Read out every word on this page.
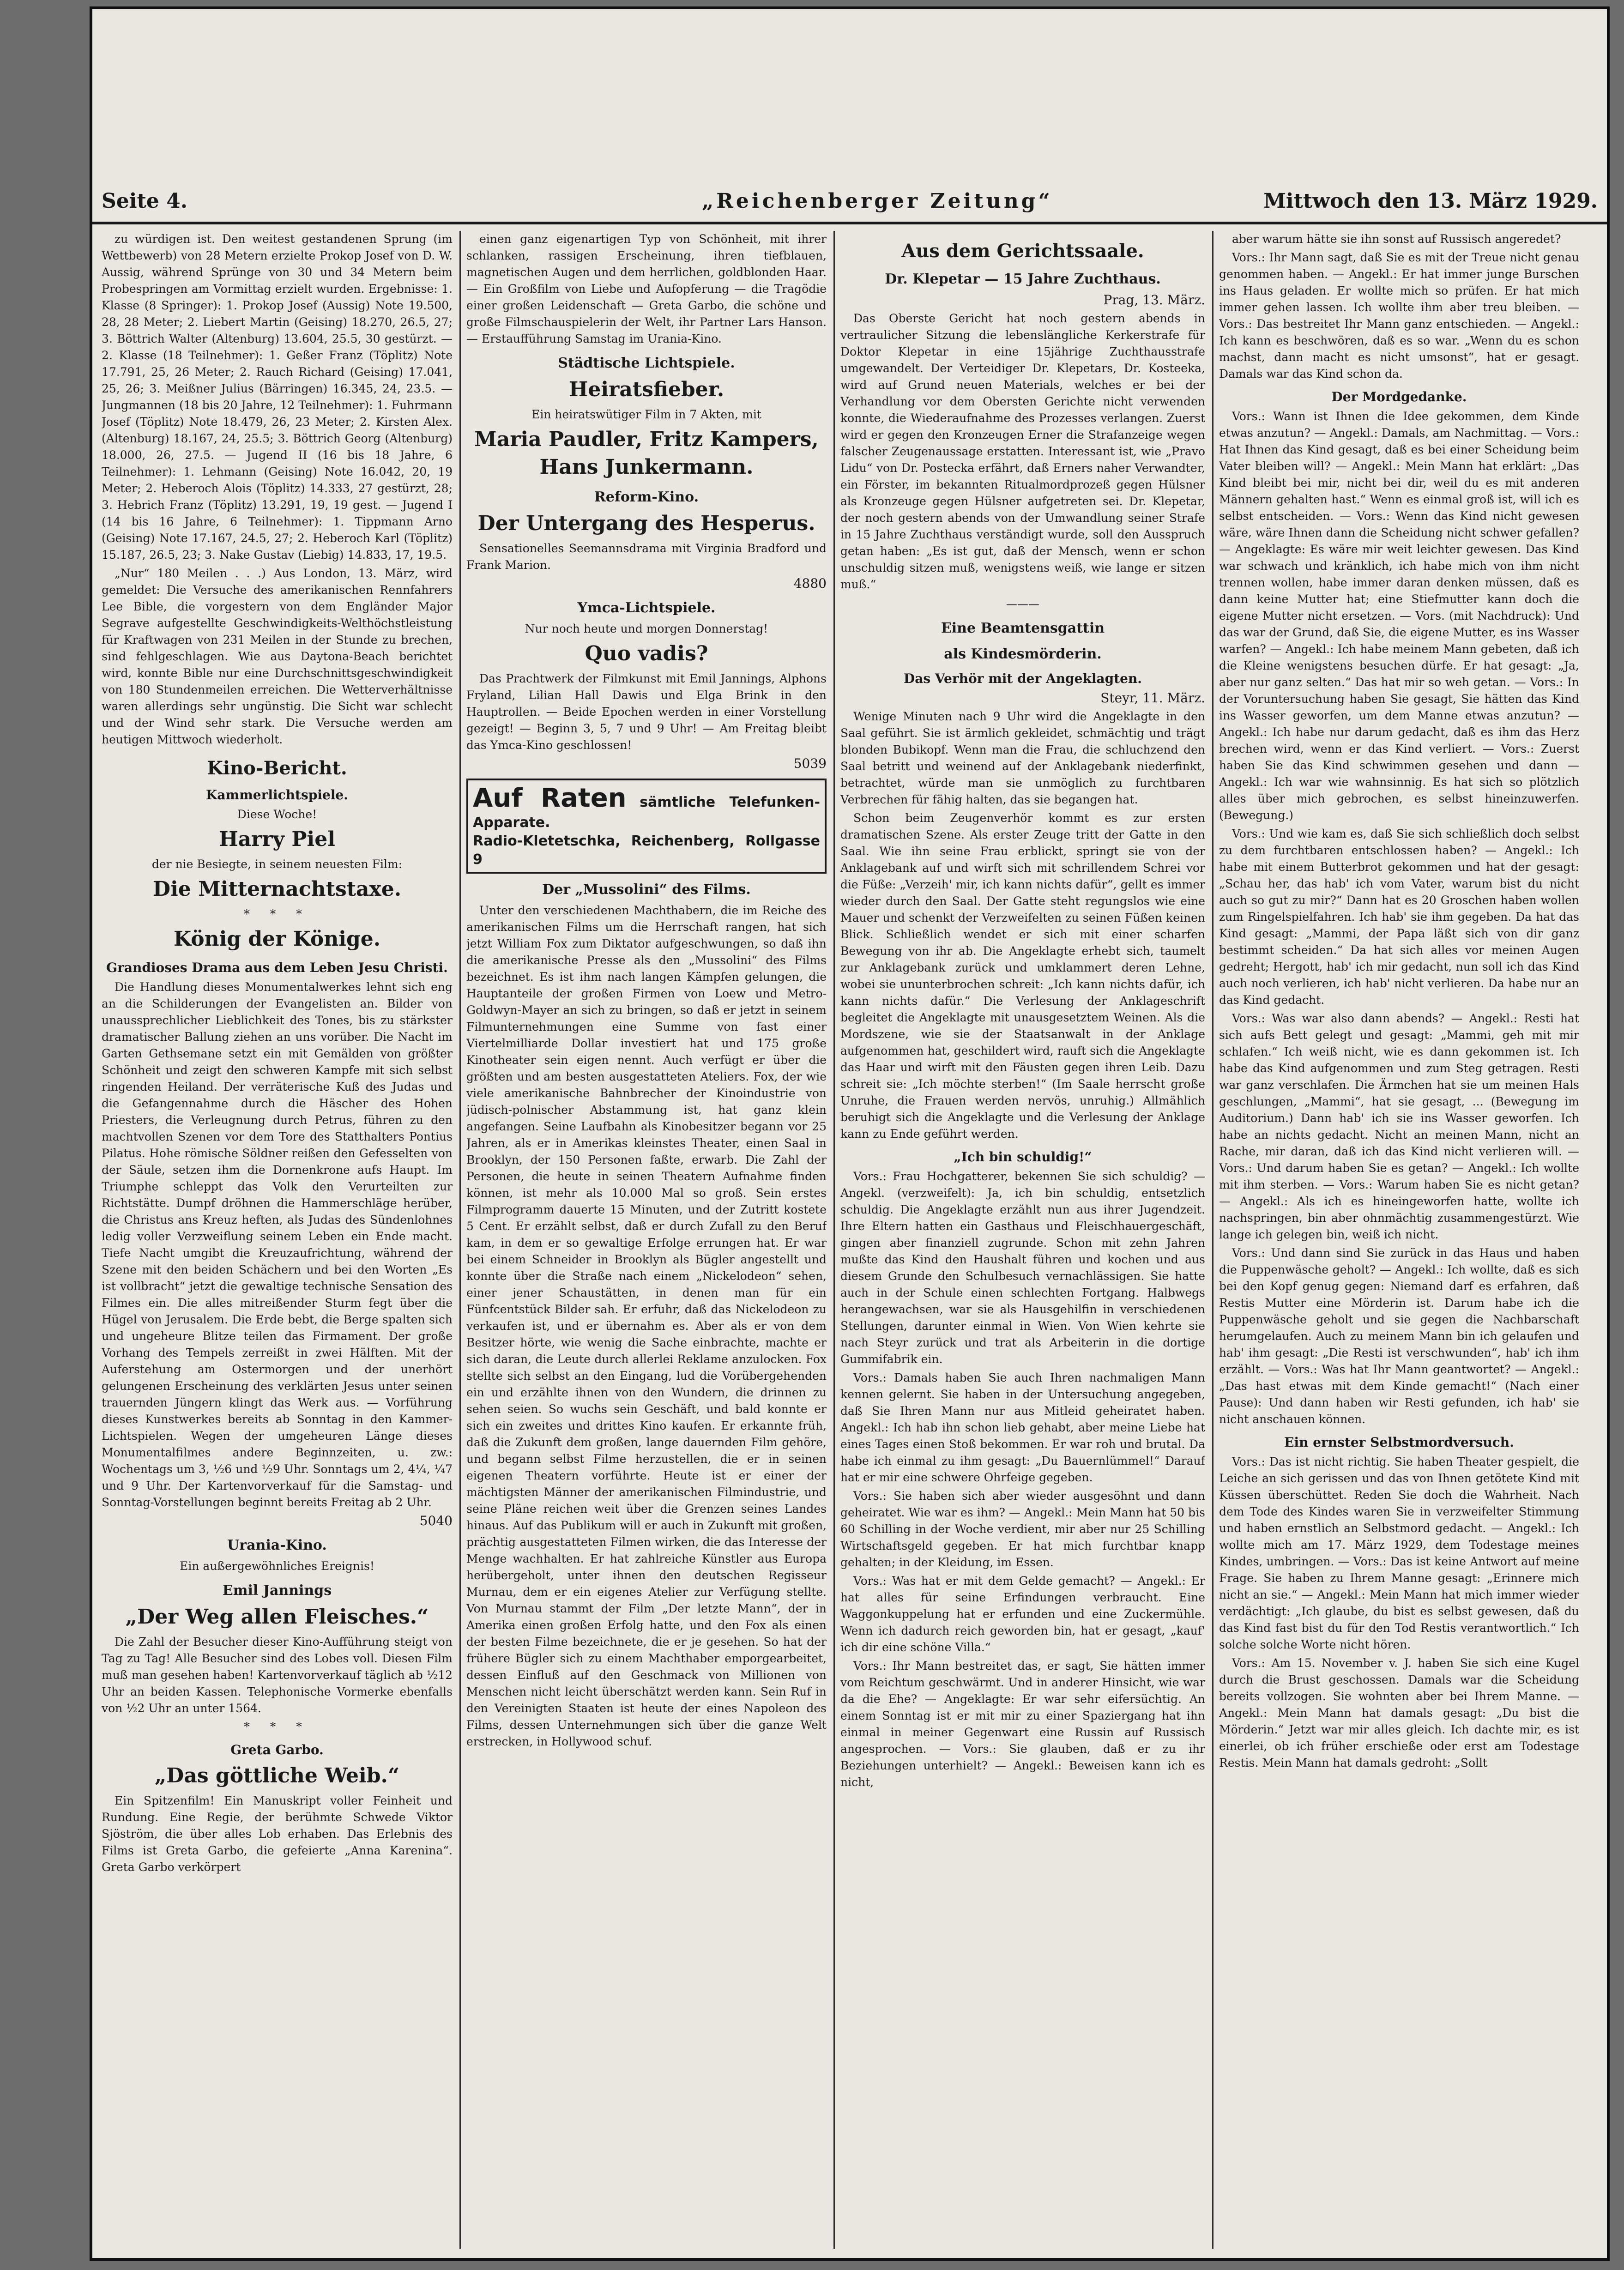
Seite 4.	„Reichenberger Zeitung“	Mittwoch den 13. März 1929.

zu würdigen ist. Den weitest gestandenen Sprung (im Wettbewerb) von 28 Metern erzielte Prokop Josef von D. W. Aussig, während Sprünge von 30 und 34 Metern beim Probespringen am Vormittag erzielt wurden. Ergebnisse: 1. Klasse (8 Springer): 1. Prokop Josef (Aussig) Note 19.500, 28, 28 Meter; 2. Liebert Martin (Geising) 18.270, 26.5, 27; 3. Böttrich Walter (Altenburg) 13.604, 25.5, 30 gestürzt. — 2. Klasse (18 Teilnehmer): 1. Geßer Franz (Töplitz) Note 17.791, 25, 26 Meter; 2. Rauch Richard (Geising) 17.041, 25, 26; 3. Meißner Julius (Bärringen) 16.345, 24, 23.5. — Jungmannen (18 bis 20 Jahre, 12 Teilnehmer): 1. Fuhrmann Josef (Töplitz) Note 18.479, 26, 23 Meter; 2. Kirsten Alex. (Altenburg) 18.167, 24, 25.5; 3. Böttrich Georg (Altenburg) 18.000, 26, 27.5. — Jugend II (16 bis 18 Jahre, 6 Teilnehmer): 1. Lehmann (Geising) Note 16.042, 20, 19 Meter; 2. Heberoch Alois (Töplitz) 14.333, 27 gestürzt, 28; 3. Hebrich Franz (Töplitz) 13.291, 19, 19 gest. — Jugend I (14 bis 16 Jahre, 6 Teilnehmer): 1. Tippmann Arno (Geising) Note 17.167, 24.5, 27; 2. Heberoch Karl (Töplitz) 15.187, 26.5, 23; 3. Nake Gustav (Liebig) 14.833, 17, 19.5.

„Nur“ 180 Meilen . . .) Aus London, 13. März, wird gemeldet: Die Versuche des amerikanischen Rennfahrers Lee Bible, die vorgestern von dem Engländer Major Segrave aufgestellte Geschwindigkeits-Welthöchstleistung für Kraftwagen von 231 Meilen in der Stunde zu brechen, sind fehlgeschlagen. Wie aus Daytona-Beach berichtet wird, konnte Bible nur eine Durchschnittsgeschwindigkeit von 180 Stundenmeilen erreichen. Die Wetterverhältnisse waren allerdings sehr ungünstig. Die Sicht war schlecht und der Wind sehr stark. Die Versuche werden am heutigen Mittwoch wiederholt.

Kino-Bericht.
Kammerlichtspiele.

Diese Woche!

Harry Piel

der nie Besiegte, in seinem neuesten Film:

Die Mitternachtstaxe.
* * *
König der Könige.
Grandioses Drama aus dem Leben Jesu Christi.

Die Handlung dieses Monumentalwerkes lehnt sich eng an die Schilderungen der Evangelisten an. Bilder von unaussprechlicher Lieblichkeit des Tones, bis zu stärkster dramatischer Ballung ziehen an uns vorüber. Die Nacht im Garten Gethsemane setzt ein mit Gemälden von größter Schönheit und zeigt den schweren Kampfe mit sich selbst ringenden Heiland. Der verräterische Kuß des Judas und die Gefangennahme durch die Häscher des Hohen Priesters, die Verleugnung durch Petrus, führen zu den machtvollen Szenen vor dem Tore des Statthalters Pontius Pilatus. Hohe römische Söldner reißen den Gefesselten von der Säule, setzen ihm die Dornenkrone aufs Haupt. Im Triumphe schleppt das Volk den Verurteilten zur Richtstätte. Dumpf dröhnen die Hammerschläge herüber, die Christus ans Kreuz heften, als Judas des Sündenlohnes ledig voller Verzweiflung seinem Leben ein Ende macht. Tiefe Nacht umgibt die Kreuzaufrichtung, während der Szene mit den beiden Schächern und bei den Worten „Es ist vollbracht“ jetzt die gewaltige technische Sensation des Filmes ein. Die alles mitreißender Sturm fegt über die Hügel von Jerusalem. Die Erde bebt, die Berge spalten sich und ungeheure Blitze teilen das Firmament. Der große Vorhang des Tempels zerreißt in zwei Hälften. Mit der Auferstehung am Ostermorgen und der unerhört gelungenen Erscheinung des verklärten Jesus unter seinen trauernden Jüngern klingt das Werk aus. — Vorführung dieses Kunstwerkes bereits ab Sonntag in den Kammer-Lichtspielen. Wegen der umgeheuren Länge dieses Monumentalfilmes andere Beginnzeiten, u. zw.: Wochentags um 3, ½6 und ½9 Uhr. Sonntags um 2, 4¼, ¼7 und 9 Uhr. Der Kartenvorverkauf für die Samstag- und Sonntag-Vorstellungen beginnt bereits Freitag ab 2 Uhr.

5040

Urania-Kino.

Ein außergewöhnliches Ereignis!

Emil Jannings
„Der Weg allen Fleisches.“

Die Zahl der Besucher dieser Kino-Aufführung steigt von Tag zu Tag! Alle Besucher sind des Lobes voll. Diesen Film muß man gesehen haben! Kartenvorverkauf täglich ab ½12 Uhr an beiden Kassen. Telephonische Vormerke ebenfalls von ½2 Uhr an unter 1564.

* * *
Greta Garbo.
„Das göttliche Weib.“

Ein Spitzenfilm! Ein Manuskript voller Feinheit und Rundung. Eine Regie, der berühmte Schwede Viktor Sjöström, die über alles Lob erhaben. Das Erlebnis des Films ist Greta Garbo, die gefeierte „Anna Karenina“. Greta Garbo verkörpert

einen ganz eigenartigen Typ von Schönheit, mit ihrer schlanken, rassigen Erscheinung, ihren tiefblauen, magnetischen Augen und dem herrlichen, goldblonden Haar. — Ein Großfilm von Liebe und Aufopferung — die Tragödie einer großen Leidenschaft — Greta Garbo, die schöne und große Filmschauspielerin der Welt, ihr Partner Lars Hanson. — Erstaufführung Samstag im Urania-Kino.

Städtische Lichtspiele.
Heiratsfieber.

Ein heiratswütiger Film in 7 Akten, mit

Maria Paudler, Fritz Kampers, Hans Junkermann.
Reform-Kino.
Der Untergang des Hesperus.

Sensationelles Seemannsdrama mit Virginia Bradford und Frank Marion.

4880

Ymca-Lichtspiele.

Nur noch heute und morgen Donnerstag!

Quo vadis?

Das Prachtwerk der Filmkunst mit Emil Jannings, Alphons Fryland, Lilian Hall Dawis und Elga Brink in den Hauptrollen. — Beide Epochen werden in einer Vorstellung gezeigt! — Beginn 3, 5, 7 und 9 Uhr! — Am Freitag bleibt das Ymca-Kino geschlossen!

5039

Auf Raten sämtliche Telefunken-Apparate.
Radio-Kletetschka, Reichenberg, Rollgasse 9
Der „Mussolini“ des Films.

Unter den verschiedenen Machthabern, die im Reiche des amerikanischen Films um die Herrschaft rangen, hat sich jetzt William Fox zum Diktator aufgeschwungen, so daß ihn die amerikanische Presse als den „Mussolini“ des Films bezeichnet. Es ist ihm nach langen Kämpfen gelungen, die Hauptanteile der großen Firmen von Loew und Metro-Goldwyn-Mayer an sich zu bringen, so daß er jetzt in seinem Filmunternehmungen eine Summe von fast einer Viertelmilliarde Dollar investiert hat und 175 große Kinotheater sein eigen nennt. Auch verfügt er über die größten und am besten ausgestatteten Ateliers. Fox, der wie viele amerikanische Bahnbrecher der Kinoindustrie von jüdisch-polnischer Abstammung ist, hat ganz klein angefangen. Seine Laufbahn als Kinobesitzer begann vor 25 Jahren, als er in Amerikas kleinstes Theater, einen Saal in Brooklyn, der 150 Personen faßte, erwarb. Die Zahl der Personen, die heute in seinen Theatern Aufnahme finden können, ist mehr als 10.000 Mal so groß. Sein erstes Filmprogramm dauerte 15 Minuten, und der Zutritt kostete 5 Cent. Er erzählt selbst, daß er durch Zufall zu den Beruf kam, in dem er so gewaltige Erfolge errungen hat. Er war bei einem Schneider in Brooklyn als Bügler angestellt und konnte über die Straße nach einem „Nickelodeon“ sehen, einer jener Schaustätten, in denen man für ein Fünfcentstück Bilder sah. Er erfuhr, daß das Nickelodeon zu verkaufen ist, und er übernahm es. Aber als er von dem Besitzer hörte, wie wenig die Sache einbrachte, machte er sich daran, die Leute durch allerlei Reklame anzulocken. Fox stellte sich selbst an den Eingang, lud die Vorübergehenden ein und erzählte ihnen von den Wundern, die drinnen zu sehen seien. So wuchs sein Geschäft, und bald konnte er sich ein zweites und drittes Kino kaufen. Er erkannte früh, daß die Zukunft dem großen, lange dauernden Film gehöre, und begann selbst Filme herzustellen, die er in seinen eigenen Theatern vorführte. Heute ist er einer der mächtigsten Männer der amerikanischen Filmindustrie, und seine Pläne reichen weit über die Grenzen seines Landes hinaus. Auf das Publikum will er auch in Zukunft mit großen, prächtig ausgestatteten Filmen wirken, die das Interesse der Menge wachhalten. Er hat zahlreiche Künstler aus Europa herübergeholt, unter ihnen den deutschen Regisseur Murnau, dem er ein eigenes Atelier zur Verfügung stellte. Von Murnau stammt der Film „Der letzte Mann“, der in Amerika einen großen Erfolg hatte, und den Fox als einen der besten Filme bezeichnete, die er je gesehen. So hat der frühere Bügler sich zu einem Machthaber emporgearbeitet, dessen Einfluß auf den Geschmack von Millionen von Menschen nicht leicht überschätzt werden kann. Sein Ruf in den Vereinigten Staaten ist heute der eines Napoleon des Films, dessen Unternehmungen sich über die ganze Welt erstrecken, in Hollywood schuf.

Aus dem Gerichtssaale.
Dr. Klepetar — 15 Jahre Zuchthaus.

Prag, 13. März.

Das Oberste Gericht hat noch gestern abends in vertraulicher Sitzung die lebenslängliche Kerkerstrafe für Doktor Klepetar in eine 15jährige Zuchthausstrafe umgewandelt. Der Verteidiger Dr. Klepetars, Dr. Kosteeka, wird auf Grund neuen Materials, welches er bei der Verhandlung vor dem Obersten Gerichte nicht verwenden konnte, die Wiederaufnahme des Prozesses verlangen. Zuerst wird er gegen den Kronzeugen Erner die Strafanzeige wegen falscher Zeugenaussage erstatten. Interessant ist, wie „Pravo Lidu“ von Dr. Postecka erfährt, daß Erners naher Verwandter, ein Förster, im bekannten Ritualmordprozeß gegen Hülsner als Kronzeuge gegen Hülsner aufgetreten sei. Dr. Klepetar, der noch gestern abends von der Umwandlung seiner Strafe in 15 Jahre Zuchthaus verständigt wurde, soll den Ausspruch getan haben: „Es ist gut, daß der Mensch, wenn er schon unschuldig sitzen muß, wenigstens weiß, wie lange er sitzen muß.“

———
Eine Beamtensgattin
als Kindesmörderin.
Das Verhör mit der Angeklagten.

Steyr, 11. März.

Wenige Minuten nach 9 Uhr wird die Angeklagte in den Saal geführt. Sie ist ärmlich gekleidet, schmächtig und trägt blonden Bubikopf. Wenn man die Frau, die schluchzend den Saal betritt und weinend auf der Anklagebank niederfinkt, betrachtet, würde man sie unmöglich zu furchtbaren Verbrechen für fähig halten, das sie begangen hat.

Schon beim Zeugenverhör kommt es zur ersten dramatischen Szene. Als erster Zeuge tritt der Gatte in den Saal. Wie ihn seine Frau erblickt, springt sie von der Anklagebank auf und wirft sich mit schrillendem Schrei vor die Füße: „Verzeih' mir, ich kann nichts dafür“, gellt es immer wieder durch den Saal. Der Gatte steht regungslos wie eine Mauer und schenkt der Verzweifelten zu seinen Füßen keinen Blick. Schließlich wendet er sich mit einer scharfen Bewegung von ihr ab. Die Angeklagte erhebt sich, taumelt zur Anklagebank zurück und umklammert deren Lehne, wobei sie ununterbrochen schreit: „Ich kann nichts dafür, ich kann nichts dafür.“ Die Verlesung der Anklageschrift begleitet die Angeklagte mit unausgesetztem Weinen. Als die Mordszene, wie sie der Staatsanwalt in der Anklage aufgenommen hat, geschildert wird, rauft sich die Angeklagte das Haar und wirft mit den Fäusten gegen ihren Leib. Dazu schreit sie: „Ich möchte sterben!“ (Im Saale herrscht große Unruhe, die Frauen werden nervös, unruhig.) Allmählich beruhigt sich die Angeklagte und die Verlesung der Anklage kann zu Ende geführt werden.

„Ich bin schuldig!“

Vors.: Frau Hochgatterer, bekennen Sie sich schuldig? — Angekl. (verzweifelt): Ja, ich bin schuldig, entsetzlich schuldig. Die Angeklagte erzählt nun aus ihrer Jugendzeit. Ihre Eltern hatten ein Gasthaus und Fleischhauergeschäft, gingen aber finanziell zugrunde. Schon mit zehn Jahren mußte das Kind den Haushalt führen und kochen und aus diesem Grunde den Schulbesuch vernachlässigen. Sie hatte auch in der Schule einen schlechten Fortgang. Halbwegs herangewachsen, war sie als Hausgehilfin in verschiedenen Stellungen, darunter einmal in Wien. Von Wien kehrte sie nach Steyr zurück und trat als Arbeiterin in die dortige Gummifabrik ein.

Vors.: Damals haben Sie auch Ihren nachmaligen Mann kennen gelernt. Sie haben in der Untersuchung angegeben, daß Sie Ihren Mann nur aus Mitleid geheiratet haben. Angekl.: Ich hab ihn schon lieb gehabt, aber meine Liebe hat eines Tages einen Stoß bekommen. Er war roh und brutal. Da habe ich einmal zu ihm gesagt: „Du Bauernlümmel!“ Darauf hat er mir eine schwere Ohrfeige gegeben.

Vors.: Sie haben sich aber wieder ausgesöhnt und dann geheiratet. Wie war es ihm? — Angekl.: Mein Mann hat 50 bis 60 Schilling in der Woche verdient, mir aber nur 25 Schilling Wirtschaftsgeld gegeben. Er hat mich furchtbar knapp gehalten; in der Kleidung, im Essen.

Vors.: Was hat er mit dem Gelde gemacht? — Angekl.: Er hat alles für seine Erfindungen verbraucht. Eine Waggonkuppelung hat er erfunden und eine Zuckermühle. Wenn ich dadurch reich geworden bin, hat er gesagt, „kauf' ich dir eine schöne Villa.“

Vors.: Ihr Mann bestreitet das, er sagt, Sie hätten immer vom Reichtum geschwärmt. Und in anderer Hinsicht, wie war da die Ehe? — Angeklagte: Er war sehr eifersüchtig. An einem Sonntag ist er mit mir zu einer Spaziergang hat ihn einmal in meiner Gegenwart eine Russin auf Russisch angesprochen. — Vors.: Sie glauben, daß er zu ihr Beziehungen unterhielt? — Angekl.: Beweisen kann ich es nicht,

aber warum hätte sie ihn sonst auf Russisch angeredet?

Vors.: Ihr Mann sagt, daß Sie es mit der Treue nicht genau genommen haben. — Angekl.: Er hat immer junge Burschen ins Haus geladen. Er wollte mich so prüfen. Er hat mich immer gehen lassen. Ich wollte ihm aber treu bleiben. — Vors.: Das bestreitet Ihr Mann ganz entschieden. — Angekl.: Ich kann es beschwören, daß es so war. „Wenn du es schon machst, dann macht es nicht umsonst“, hat er gesagt. Damals war das Kind schon da.

Der Mordgedanke.

Vors.: Wann ist Ihnen die Idee gekommen, dem Kinde etwas anzutun? — Angekl.: Damals, am Nachmittag. — Vors.: Hat Ihnen das Kind gesagt, daß es bei einer Scheidung beim Vater bleiben will? — Angekl.: Mein Mann hat erklärt: „Das Kind bleibt bei mir, nicht bei dir, weil du es mit anderen Männern gehalten hast.“ Wenn es einmal groß ist, will ich es selbst entscheiden. — Vors.: Wenn das Kind nicht gewesen wäre, wäre Ihnen dann die Scheidung nicht schwer gefallen? — Angeklagte: Es wäre mir weit leichter gewesen. Das Kind war schwach und kränklich, ich habe mich von ihm nicht trennen wollen, habe immer daran denken müssen, daß es dann keine Mutter hat; eine Stiefmutter kann doch die eigene Mutter nicht ersetzen. — Vors. (mit Nachdruck): Und das war der Grund, daß Sie, die eigene Mutter, es ins Wasser warfen? — Angekl.: Ich habe meinem Mann gebeten, daß ich die Kleine wenigstens besuchen dürfe. Er hat gesagt: „Ja, aber nur ganz selten.“ Das hat mir so weh getan. — Vors.: In der Voruntersuchung haben Sie gesagt, Sie hätten das Kind ins Wasser geworfen, um dem Manne etwas anzutun? — Angekl.: Ich habe nur darum gedacht, daß es ihm das Herz brechen wird, wenn er das Kind verliert. — Vors.: Zuerst haben Sie das Kind schwimmen gesehen und dann — Angekl.: Ich war wie wahnsinnig. Es hat sich so plötzlich alles über mich gebrochen, es selbst hineinzuwerfen. (Bewegung.)

Vors.: Und wie kam es, daß Sie sich schließlich doch selbst zu dem furchtbaren entschlossen haben? — Angekl.: Ich habe mit einem Butterbrot gekommen und hat der gesagt: „Schau her, das hab' ich vom Vater, warum bist du nicht auch so gut zu mir?“ Dann hat es 20 Groschen haben wollen zum Ringelspielfahren. Ich hab' sie ihm gegeben. Da hat das Kind gesagt: „Mammi, der Papa läßt sich von dir ganz bestimmt scheiden.“ Da hat sich alles vor meinen Augen gedreht; Hergott, hab' ich mir gedacht, nun soll ich das Kind auch noch verlieren, ich hab' nicht verlieren. Da habe nur an das Kind gedacht.

Vors.: Was war also dann abends? — Angekl.: Resti hat sich aufs Bett gelegt und gesagt: „Mammi, geh mit mir schlafen.“ Ich weiß nicht, wie es dann gekommen ist. Ich habe das Kind aufgenommen und zum Steg getragen. Resti war ganz verschlafen. Die Ärmchen hat sie um meinen Hals geschlungen, „Mammi“, hat sie gesagt, ... (Bewegung im Auditorium.) Dann hab' ich sie ins Wasser geworfen. Ich habe an nichts gedacht. Nicht an meinen Mann, nicht an Rache, mir daran, daß ich das Kind nicht verlieren will. — Vors.: Und darum haben Sie es getan? — Angekl.: Ich wollte mit ihm sterben. — Vors.: Warum haben Sie es nicht getan? — Angekl.: Als ich es hineingeworfen hatte, wollte ich nachspringen, bin aber ohnmächtig zusammengestürzt. Wie lange ich gelegen bin, weiß ich nicht.

Vors.: Und dann sind Sie zurück in das Haus und haben die Puppenwäsche geholt? — Angekl.: Ich wollte, daß es sich bei den Kopf genug gegen: Niemand darf es erfahren, daß Restis Mutter eine Mörderin ist. Darum habe ich die Puppenwäsche geholt und sie gegen die Nachbarschaft herumgelaufen. Auch zu meinem Mann bin ich gelaufen und hab' ihm gesagt: „Die Resti ist verschwunden“, hab' ich ihm erzählt. — Vors.: Was hat Ihr Mann geantwortet? — Angekl.: „Das hast etwas mit dem Kinde gemacht!“ (Nach einer Pause): Und dann haben wir Resti gefunden, ich hab' sie nicht anschauen können.

Ein ernster Selbstmordversuch.

Vors.: Das ist nicht richtig. Sie haben Theater gespielt, die Leiche an sich gerissen und das von Ihnen getötete Kind mit Küssen überschüttet. Reden Sie doch die Wahrheit. Nach dem Tode des Kindes waren Sie in verzweifelter Stimmung und haben ernstlich an Selbstmord gedacht. — Angekl.: Ich wollte mich am 17. März 1929, dem Todestage meines Kindes, umbringen. — Vors.: Das ist keine Antwort auf meine Frage. Sie haben zu Ihrem Manne gesagt: „Erinnere mich nicht an sie.“ — Angekl.: Mein Mann hat mich immer wieder verdächtigt: „Ich glaube, du bist es selbst gewesen, daß du das Kind fast bist du für den Tod Restis verantwortlich.“ Ich solche solche Worte nicht hören.

Vors.: Am 15. November v. J. haben Sie sich eine Kugel durch die Brust geschossen. Damals war die Scheidung bereits vollzogen. Sie wohnten aber bei Ihrem Manne. — Angekl.: Mein Mann hat damals gesagt: „Du bist die Mörderin.“ Jetzt war mir alles gleich. Ich dachte mir, es ist einerlei, ob ich früher erschieße oder erst am Todestage Restis. Mein Mann hat damals gedroht: „Sollt
